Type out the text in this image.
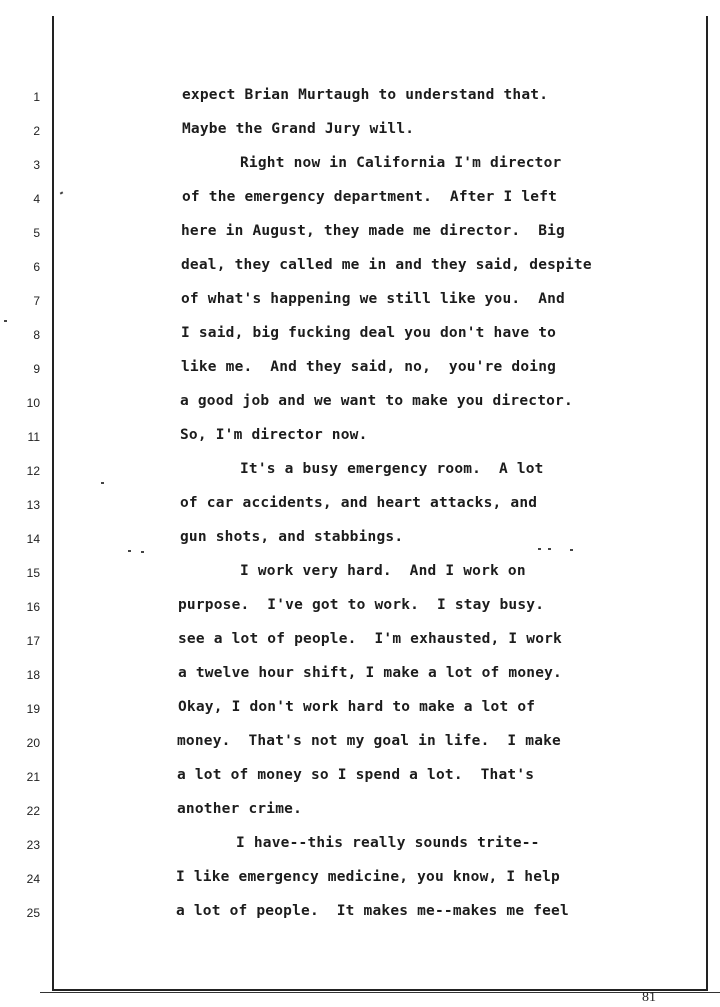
1
2
3
4
5
6
7
8
9
10
11
12
13
14
15
16
17
18
19
20
21
22
23
24
25
expect Brian Murtaugh to understand that.
Maybe the Grand Jury will.
Right now in California I'm director
of the emergency department.  After I left
here in August, they made me director.  Big
deal, they called me in and they said, despite
of what's happening we still like you.  And
I said, big fucking deal you don't have to
like me.  And they said, no,  you're doing
a good job and we want to make you director.
So, I'm director now.
It's a busy emergency room.  A lot
of car accidents, and heart attacks, and
gun shots, and stabbings.
I work very hard.  And I work on
purpose.  I've got to work.  I stay busy.
see a lot of people.  I'm exhausted, I work
a twelve hour shift, I make a lot of money.
Okay, I don't work hard to make a lot of
money.  That's not my goal in life.  I make
a lot of money so I spend a lot.  That's
another crime.
I have--this really sounds trite--
I like emergency medicine, you know, I help
a lot of people.  It makes me--makes me feel
81
